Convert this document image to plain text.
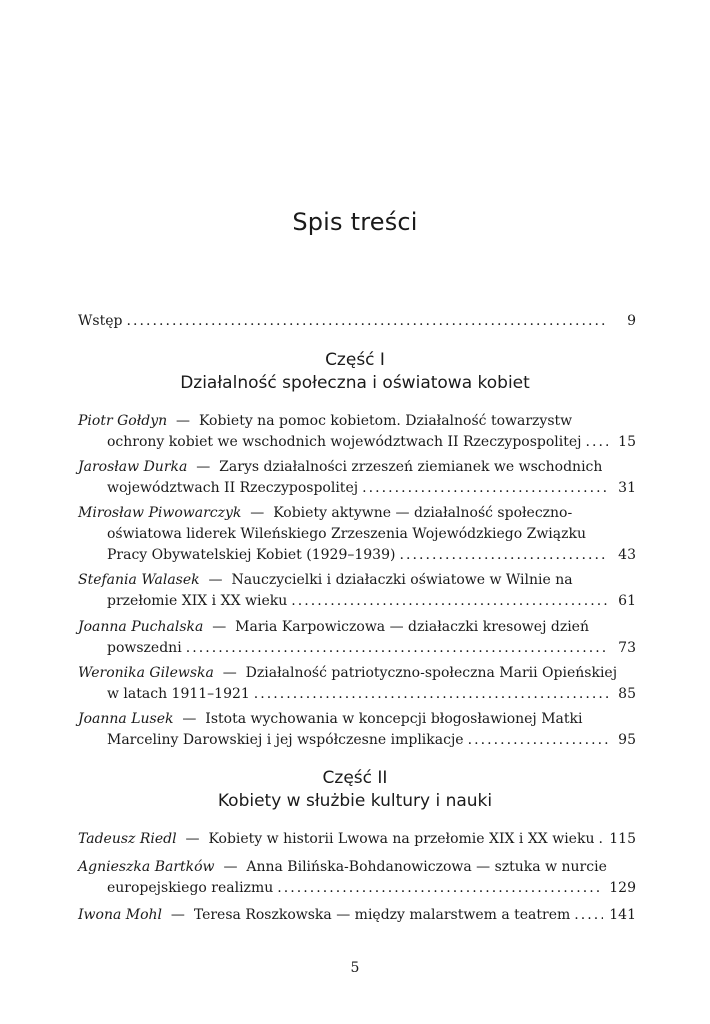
Spis treści
Wstęp . . .	9
Część I
Działalność społeczna i oświatowa kobiet
Piotr Gołdyn — Kobiety na pomoc kobietom. Działalność towarzystw
ochrony kobiet we wschodnich województwach II Rzeczypospolitej . . .	15
Jarosław Durka — Zarys działalności zrzeszeń ziemianek we wschodnich
województwach II Rzeczypospolitej . . .	31
Mirosław Piwowarczyk — Kobiety aktywne — działalność społeczno-
oświatowa liderek Wileńskiego Zrzeszenia Wojewódzkiego Związku
Pracy Obywatelskiej Kobiet (1929–1939) . . .	43
Stefania Walasek — Nauczycielki i działaczki oświatowe w Wilnie na
przełomie XIX i XX wieku . . .	61
Joanna Puchalska — Maria Karpowiczowa — działaczki kresowej dzień
powszedni . . .	73
Weronika Gilewska — Działalność patriotyczno-społeczna Marii Opieńskiej
w latach 1911–1921 . . .	85
Joanna Lusek — Istota wychowania w koncepcji błogosławionej Matki
Marceliny Darowskiej i jej współczesne implikacje . . .	95
Część II
Kobiety w służbie kultury i nauki
Tadeusz Riedl — Kobiety w historii Lwowa na przełomie XIX i XX wieku . . . 115
Agnieszka Bartków — Anna Bilińska-Bohdanowiczowa — sztuka w nurcie
europejskiego realizmu . . .	129
Iwona Mohl — Teresa Roszkowska — między malarstwem a teatrem . . .	141
5
